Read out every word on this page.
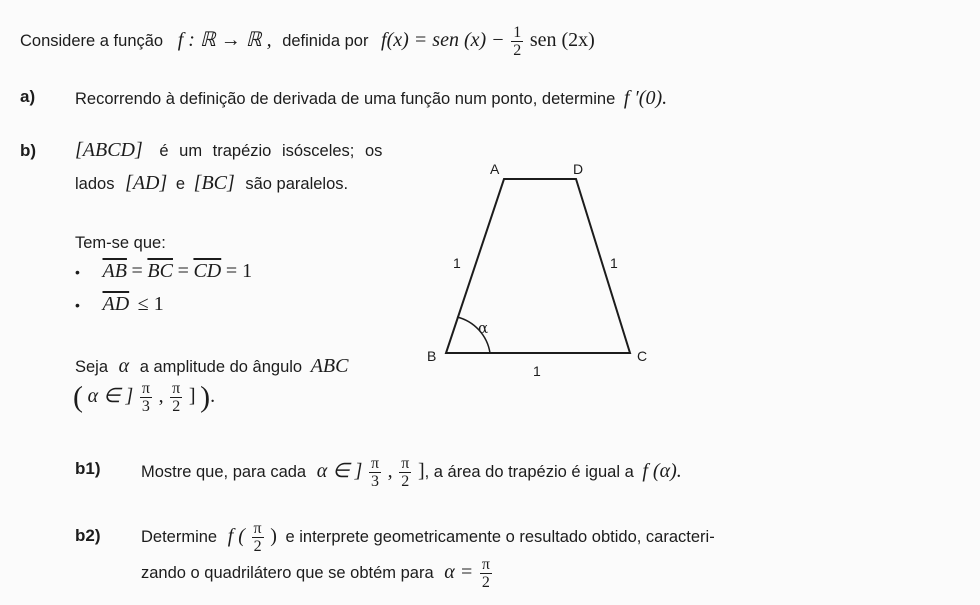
Considere a função f : ℝ → ℝ , definida por f(x) = sen $(x) - \frac{1}{2}$ sen (2x)
a) Recorrendo à definição de derivada de uma função num ponto, determine f ′(0).
b) [ABCD] é um trapézio isósceles; os
lados [AD] e [BC] são paralelos.
Tem-se que:
• $\overline{AB} = \overline{BC} = \overline{CD} = 1$
• $\overline{AD} \le 1$
Seja α a amplitude do ângulo ABC
( α ∈ ] $\frac{\pi}{3}$ , $\frac{\pi}{2}$ ] ).
A	D
B	C
1	1
1
α
b1) Mostre que, para cada α ∈ ] $\frac{\pi}{3}$ , $\frac{\pi}{2}$ ], a área do trapézio é igual a f (α).
b2) Determine f ( $\frac{\pi}{2}$ ) e interprete geometricamente o resultado obtido, caracteri-
zando o quadrilátero que se obtém para $\alpha = \frac{\pi}{2}$
